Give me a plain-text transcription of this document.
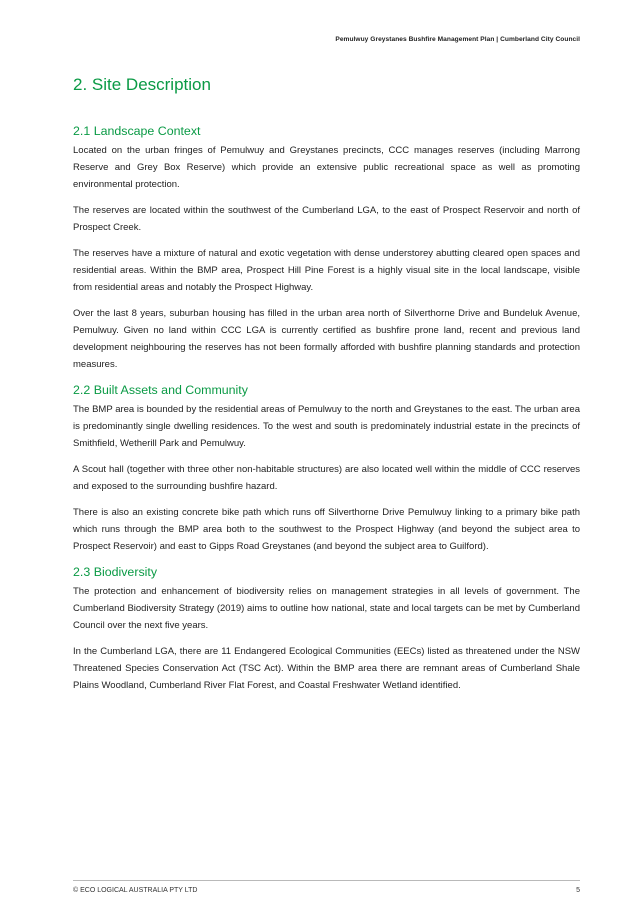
Pemulwuy Greystanes Bushfire Management Plan | Cumberland City Council
2. Site Description
2.1 Landscape Context

Located on the urban fringes of Pemulwuy and Greystanes precincts, CCC manages reserves (including Marrong Reserve and Grey Box Reserve) which provide an extensive public recreational space as well as promoting environmental protection.

The reserves are located within the southwest of the Cumberland LGA, to the east of Prospect Reservoir and north of Prospect Creek.

The reserves have a mixture of natural and exotic vegetation with dense understorey abutting cleared open spaces and residential areas. Within the BMP area, Prospect Hill Pine Forest is a highly visual site in the local landscape, visible from residential areas and notably the Prospect Highway.

Over the last 8 years, suburban housing has filled in the urban area north of Silverthorne Drive and Bundeluk Avenue, Pemulwuy. Given no land within CCC LGA is currently certified as bushfire prone land, recent and previous land development neighbouring the reserves has not been formally afforded with bushfire planning standards and protection measures.

2.2 Built Assets and Community

The BMP area is bounded by the residential areas of Pemulwuy to the north and Greystanes to the east. The urban area is predominantly single dwelling residences. To the west and south is predominately industrial estate in the precincts of Smithfield, Wetherill Park and Pemulwuy.

A Scout hall (together with three other non-habitable structures) are also located well within the middle of CCC reserves and exposed to the surrounding bushfire hazard.

There is also an existing concrete bike path which runs off Silverthorne Drive Pemulwuy linking to a primary bike path which runs through the BMP area both to the southwest to the Prospect Highway (and beyond the subject area to Prospect Reservoir) and east to Gipps Road Greystanes (and beyond the subject area to Guilford).

2.3 Biodiversity

The protection and enhancement of biodiversity relies on management strategies in all levels of government. The Cumberland Biodiversity Strategy (2019) aims to outline how national, state and local targets can be met by Cumberland Council over the next five years.

In the Cumberland LGA, there are 11 Endangered Ecological Communities (EECs) listed as threatened under the NSW Threatened Species Conservation Act (TSC Act). Within the BMP area there are remnant areas of Cumberland Shale Plains Woodland, Cumberland River Flat Forest, and Coastal Freshwater Wetland identified.

© ECO LOGICAL AUSTRALIA PTY LTD	5
